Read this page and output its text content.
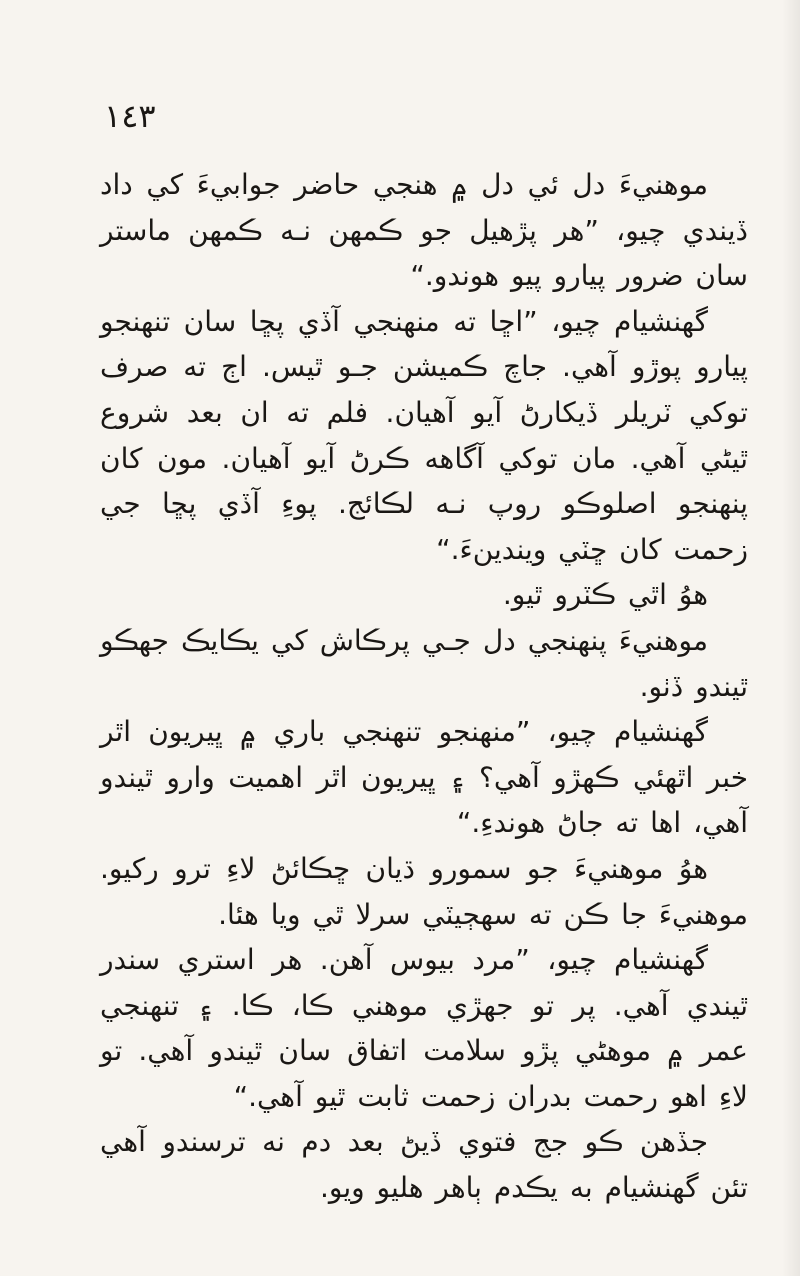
١٤٣

موهنيءَ دل ئي دل ۾ هنجي حاضر جوابيءَ کي داد ڏيندي چيو، ”هر پڙهيل جو ڪمهن نـه ڪمهن ماستر سان ضرور پيارو پيو هوندو.“

گهنشيام چيو، ”اڇا ته منهنجي آڏي پڇا سان تنهنجو پيارو پوڙو آهي. جاچ ڪميشن جـو ٿيس. اڄ ته صرف توکي ٽريلر ڏيکارڻ آيو آهيان. فلم ته ان بعد شروع ٿيڻي آهي. مان توکي آگاهه ڪرڻ آيو آهيان. مون کان پنهنجو اصلوڪو روپ نـه لڪائج. پوءِ آڏي پڇا جي زحمت کان ڇٽي ويندينءَ.“

هوُ اٿي ڪٽرو ٿيو.

موهنيءَ پنهنجي دل جـي پرڪاش کي يڪايڪ جهڪو ٿيندو ڏٺو.

گهنشيام چيو، ”منهنجو تنهنجي باري ۾ ڀيريون اٿر خبر اٿهئي ڪهڙو آهي؟ ۽ ڀيريون اٿر اهميت وارو ٿيندو آهي، اها ته جاڻ هوندءِ.“

هوُ موهنيءَ جو سمورو ڌيان ڇڪائڻ لاءِ ترو رکيو. موهنيءَ جا ڪن ته سهڄيٽي سرلا ٿي ويا هئا.

گهنشيام چيو، ”مرد بيوس آهن. هر استري سندر ٿيندي آهي. پر تو جهڙي موهني ڪا، ڪا. ۽ تنهنجي عمر ۾ موهڻي پڙو سلامت اتفاق سان ٿيندو آهي. تو لاءِ اهو رحمت بدران زحمت ثابت ٿيو آهي.“

جڏهن ڪو جج فتوي ڏيڻ بعد دم نه ترسندو آهي تئن گهنشيام به يڪدم ٻاهر هليو ويو.
